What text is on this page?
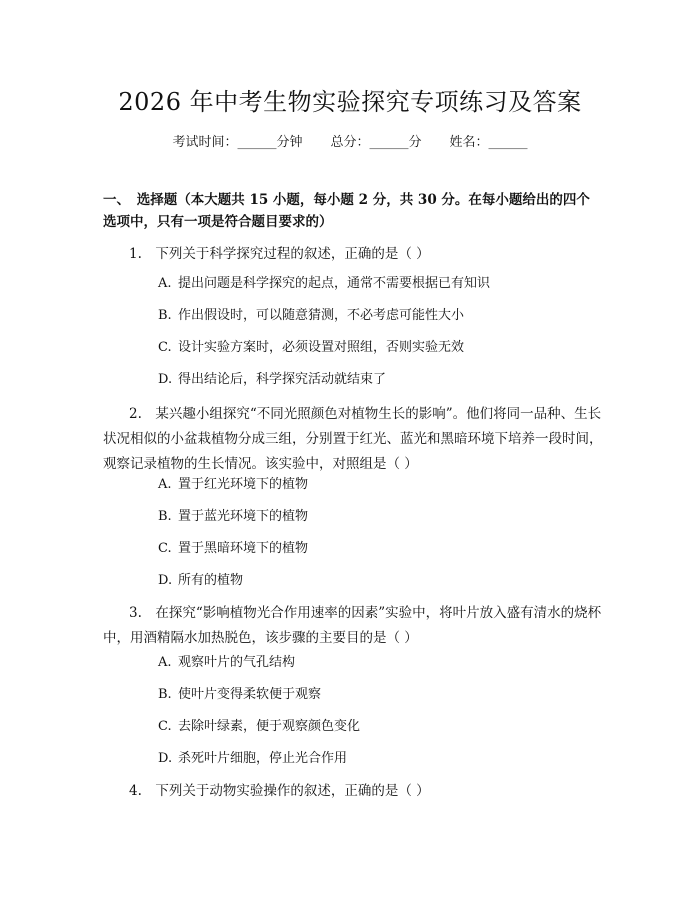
2026 年中考生物实验探究专项练习及答案
考试时间：______分钟 总分：______分 姓名：______
一、　选择题（本大题共 15 小题，每小题 2 分，共 30 分。在每小题给出的四个选项中，只有一项是符合题目要求的）
1.　下列关于科学探究过程的叙述，正确的是（ ）
A. 提出问题是科学探究的起点，通常不需要根据已有知识
B. 作出假设时，可以随意猜测，不必考虑可能性大小
C. 设计实验方案时，必须设置对照组，否则实验无效
D. 得出结论后，科学探究活动就结束了
2.　某兴趣小组探究“不同光照颜色对植物生长的影响”。他们将同一品种、生长状况相似的小盆栽植物分成三组，分别置于红光、蓝光和黑暗环境下培养一段时间，观察记录植物的生长情况。该实验中，对照组是（ ）
A. 置于红光环境下的植物
B. 置于蓝光环境下的植物
C. 置于黑暗环境下的植物
D. 所有的植物
3.　在探究“影响植物光合作用速率的因素”实验中，将叶片放入盛有清水的烧杯中，用酒精隔水加热脱色，该步骤的主要目的是（ ）
A. 观察叶片的气孔结构
B. 使叶片变得柔软便于观察
C. 去除叶绿素，便于观察颜色变化
D. 杀死叶片细胞，停止光合作用
4.　下列关于动物实验操作的叙述，正确的是（ ）
